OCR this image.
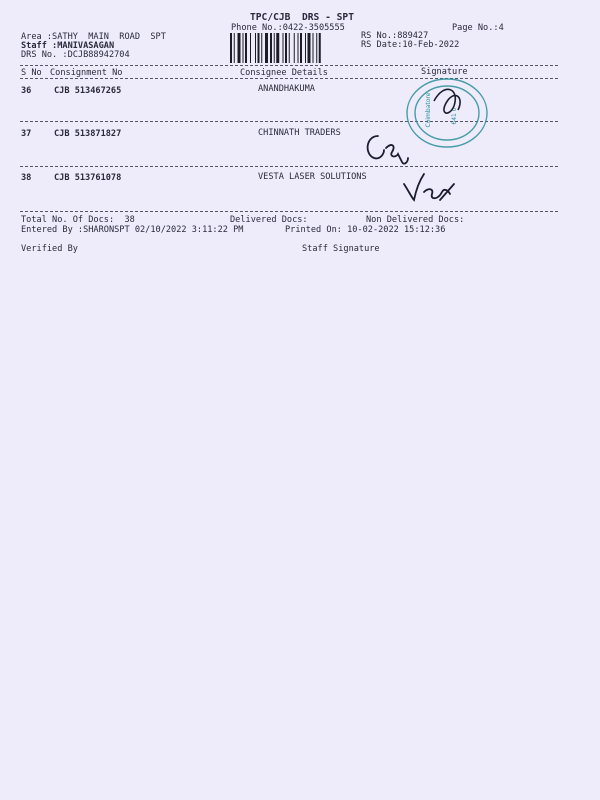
TPC/CJB  DRS - SPT
Phone No.:0422-3505555	Page No.:4
Area :SATHY  MAIN  ROAD  SPT
Staff :MANIVASAGAN
DRS No. :DCJB88942704
RS No.:889427
RS Date:10-Feb-2022
S No Consignment No	Consignee Details	Signature
36	CJB 513467265	ANANDHAKUMA
37	CJB 513871827	CHINNATH TRADERS
38	CJB 513761078	VESTA LASER SOLUTIONS
Coimbatore	641 0
Total No. Of Docs:  38	Delivered Docs:	Non Delivered Docs:
Entered By :SHARONSPT 02/10/2022 3:11:22 PM	Printed On: 10-02-2022 15:12:36
Verified By	Staff Signature
